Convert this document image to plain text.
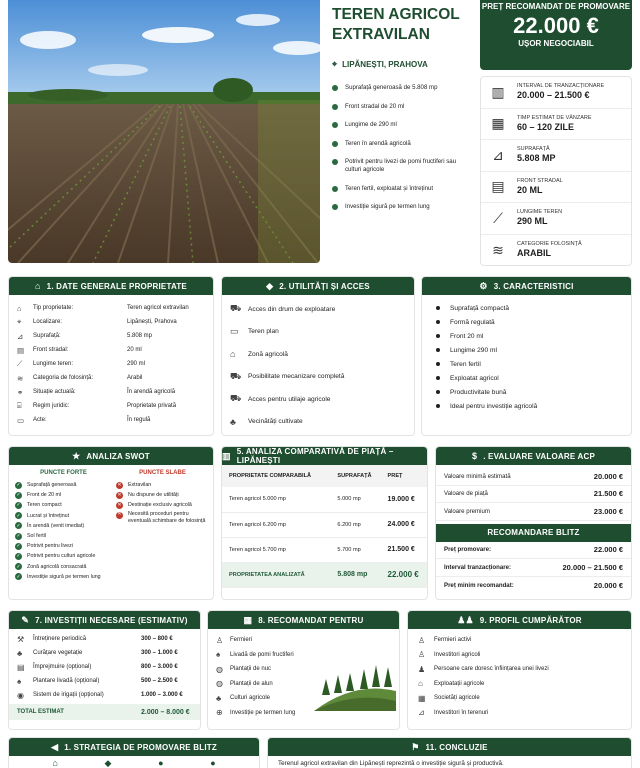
TEREN AGRICOL EXTRAVILAN
⌖ LIPĂNEȘTI, PRAHOVA
Suprafață generoasă de 5.808 mp
Front stradal de 20 ml
Lungime de 290 ml
Teren în arendă agricolă
Potrivit pentru livezi de pomi fructiferi sau culturi agricole
Teren fertil, exploatat și întreținut
Investiție sigură pe termen lung
PREȚ RECOMANDAT DE PROMOVARE
22.000 €
UȘOR NEGOCIABIL
▥	INTERVAL DE TRANZACȚIONARE
20.000 – 21.500 €
▦	TIMP ESTIMAT DE VÂNZARE
60 – 120 ZILE
⊿	SUPRAFAȚĂ
5.808 MP
▤	FRONT STRADAL
20 ML
⟋	LUNGIME TEREN
290 ML
≋	CATEGORIE FOLOSINȚĂ
ARABIL
⌂ 1. DATE GENERALE PROPRIETATE
⌂	Tip proprietate:	Teren agricol extravilan
⌖	Localizare:	Lipănești, Prahova
⊿	Suprafață:	5.808 mp
▤	Front stradal:	20 ml
⟋	Lungime teren:	290 ml
≋	Categoria de folosință:	Arabil
⚭	Situație actuală:	În arendă agricolă
⌸	Regim juridic:	Proprietate privată
▭	Acte:	În regulă
◆ 2. UTILITĂȚI ȘI ACCES
⛟	Acces din drum de exploatare
▭	Teren plan
⌂	Zonă agricolă
⛟	Posibilitate mecanizare completă
⛟	Acces pentru utilaje agricole
♣	Vecinătăți cultivate
⚙ 3. CARACTERISTICI
Suprafață compactă
Formă regulată
Front 20 ml
Lungime 290 ml
Teren fertil
Exploatat agricol
Productivitate bună
Ideal pentru investiție agricolă
★ ANALIZA SWOT
PUNCTE FORTE
✓ Suprafață generoasă
✓ Front de 20 ml
✓ Teren compact
✓ Lucrat și întreținut
✓ În arendă (venit imediat)
✓ Sol fertil
✓ Potrivit pentru livezi
✓ Potrivit pentru culturi agricole
✓ Zonă agricolă consacrată
✓ Investiție sigură pe termen lung
PUNCTE SLABE
✕ Extravilan
✕ Nu dispune de utilități
✕ Destinație exclusiv agricolă
✕ Necesită proceduri pentru eventuală schimbare de folosință
▥ 5. ANALIZA COMPARATIVĂ DE PIAȚĂ – LIPĂNEȘTI
PROPRIETATE COMPARABILĂ	SUPRAFAȚĂ	PREȚ
Teren agricol 5.000 mp	5.000 mp	19.000 €
Teren agricol 6.200 mp	6.200 mp	24.000 €
Teren agricol 5.700 mp	5.700 mp	21.500 €
PROPRIETATEA ANALIZATĂ	5.808 mp	22.000 €
$ . EVALUARE VALOARE ACP
Valoare minimă estimată	20.000 €
Valoare de piață	21.500 €
Valoare premium	23.000 €
RECOMANDARE BLITZ
Preț promovare:	22.000 €
Interval tranzacționare:	20.000 – 21.500 €
Preț minim recomandat:	20.000 €
✎ 7. INVESTIȚII NECESARE (ESTIMATIV)
⚒	Întreținere periodică	300 – 800 €
♣	Curățare vegetație	300 – 1.000 €
▤	Împrejmuire (opțional)	800 – 3.000 €
♠	Plantare livadă (opțional)	500 – 2.500 €
◉	Sistem de irigații (opțional)	1.000 – 3.000 €
TOTAL ESTIMAT	2.000 – 8.000 €
▦ 8. RECOMANDAT PENTRU
♙	Fermieri
♠	Livadă de pomi fructiferi
◍	Plantații de nuc
◍	Plantații de alun
♣	Culturi agricole
⊕	Investiție pe termen lung
♟♟ 9. PROFIL CUMPĂRĂTOR
♙	Fermieri activi
♙	Investitori agricoli
♟	Persoane care doresc înființarea unei livezi
⌂	Exploatații agricole
▦	Societăți agricole
⊿	Investitori în terenuri
◀ 1. STRATEGIA DE PROMOVARE BLITZ
⌂	◆	●	●
⚑ 11. CONCLUZIE
Terenul agricol extravilan din Lipănești reprezintă o investiție sigură și productivă.
